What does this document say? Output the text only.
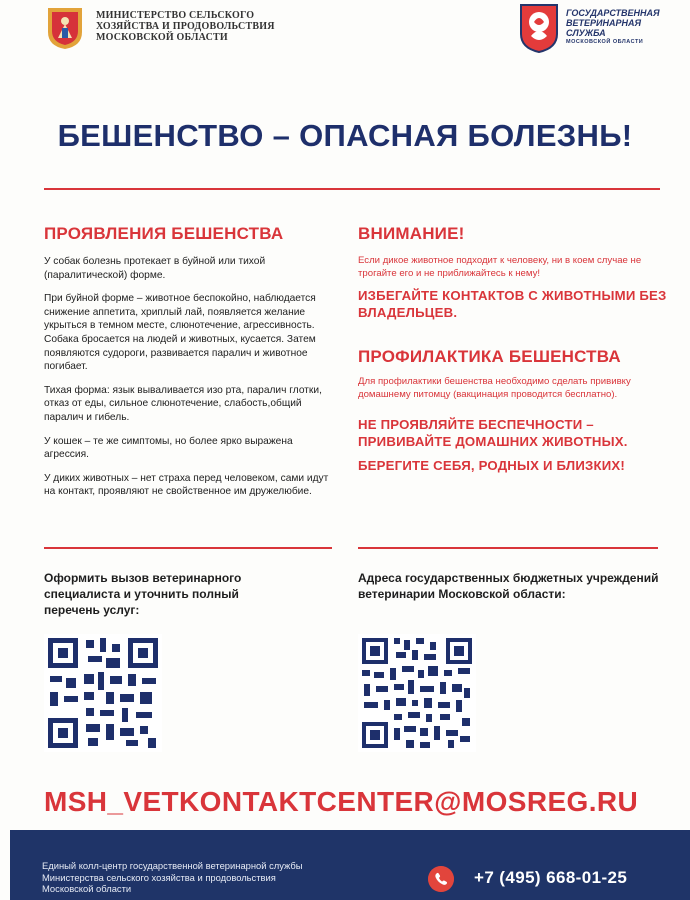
МИНИСТЕРСТВО СЕЛЬСКОГО
ХОЗЯЙСТВА И ПРОДОВОЛЬСТВИЯ
МОСКОВСКОЙ ОБЛАСТИ
ГОСУДАРСТВЕННАЯ
ВЕТЕРИНАРНАЯ
СЛУЖБА
МОСКОВСКОЙ ОБЛАСТИ
БЕШЕНСТВО – ОПАСНАЯ БОЛЕЗНЬ!
ПРОЯВЛЕНИЯ БЕШЕНСТВА
У собак болезнь протекает в буйной или тихой (паралитической) форме.
При буйной форме – животное беспокойно, наблюдается снижение аппетита, хриплый лай, появляется желание укрыться в темном месте, слюнотечение, агрессивность. Собака бросается на людей и животных, кусается. Затем появляются судороги, развивается паралич и животное погибает.
Тихая форма: язык вываливается изо рта, паралич глотки, отказ от еды, сильное слюнотечение, слабость,общий паралич и гибель.
У кошек – те же симптомы, но более ярко выражена агрессия.
У диких животных – нет страха перед человеком, сами идут на контакт, проявляют не свойственное им дружелюбие.
ВНИМАНИЕ!
Если дикое животное подходит к человеку, ни в коем случае не трогайте его и не приближайтесь к нему!
ИЗБЕГАЙТЕ КОНТАКТОВ С ЖИВОТНЫМИ БЕЗ ВЛАДЕЛЬЦЕВ.
ПРОФИЛАКТИКА БЕШЕНСТВА
Для профилактики бешенства необходимо сделать прививку домашнему питомцу (вакцинация проводится бесплатно).
НЕ ПРОЯВЛЯЙТЕ БЕСПЕЧНОСТИ – ПРИВИВАЙТЕ ДОМАШНИХ ЖИВОТНЫХ.
БЕРЕГИТЕ СЕБЯ, РОДНЫХ И БЛИЗКИХ!
Оформить вызов ветеринарного специалиста и уточнить полный перечень услуг:
Адреса государственных бюджетных учреждений ветеринарии Московской области:
MSH_VETKONTAKTCENTER@MOSREG.RU
Единый колл-центр государственной ветеринарной службы
Министерства сельского хозяйства и продовольствия
Московской области
+7 (495) 668-01-25
